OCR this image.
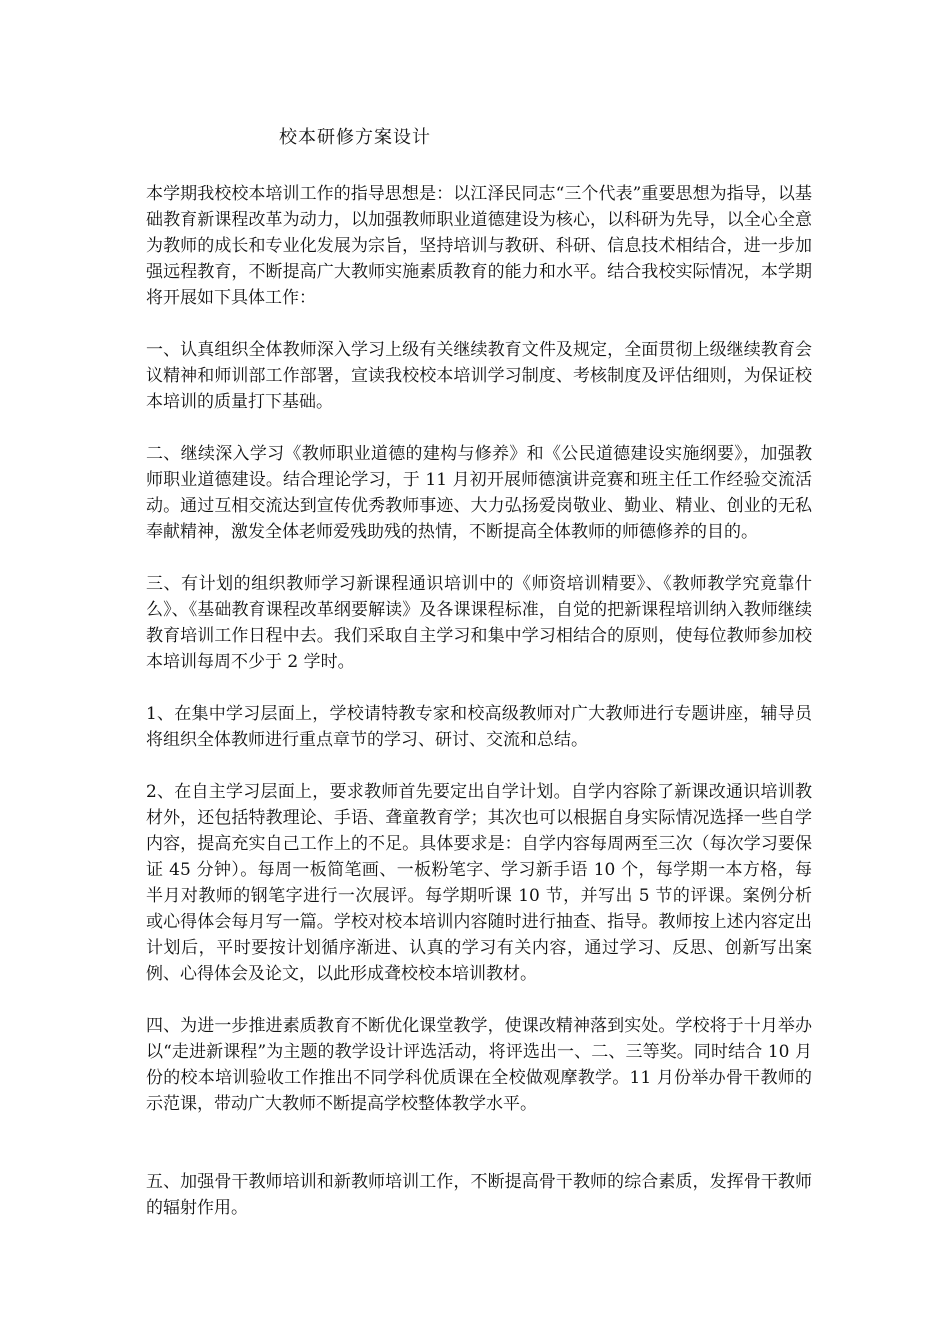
校本研修方案设计

本学期我校校本培训工作的指导思想是：以江泽民同志“三个代表”重要思想为指导，以基础教育新课程改革为动力，以加强教师职业道德建设为核心，以科研为先导，以全心全意为教师的成长和专业化发展为宗旨，坚持培训与教研、科研、信息技术相结合，进一步加强远程教育，不断提高广大教师实施素质教育的能力和水平。结合我校实际情况，本学期将开展如下具体工作：

一、认真组织全体教师深入学习上级有关继续教育文件及规定，全面贯彻上级继续教育会议精神和师训部工作部署，宣读我校校本培训学习制度、考核制度及评估细则，为保证校本培训的质量打下基础。

二、继续深入学习《教师职业道德的建构与修养》和《公民道德建设实施纲要》，加强教师职业道德建设。结合理论学习，于 11 月初开展师德演讲竞赛和班主任工作经验交流活动。通过互相交流达到宣传优秀教师事迹、大力弘扬爱岗敬业、勤业、精业、创业的无私奉献精神，激发全体老师爱残助残的热情，不断提高全体教师的师德修养的目的。

三、有计划的组织教师学习新课程通识培训中的《师资培训精要》、《教师教学究竟靠什么》、《基础教育课程改革纲要解读》及各课课程标准，自觉的把新课程培训纳入教师继续教育培训工作日程中去。我们采取自主学习和集中学习相结合的原则，使每位教师参加校本培训每周不少于 2 学时。

1、在集中学习层面上，学校请特教专家和校高级教师对广大教师进行专题讲座，辅导员将组织全体教师进行重点章节的学习、研讨、交流和总结。

2、在自主学习层面上，要求教师首先要定出自学计划。自学内容除了新课改通识培训教材外，还包括特教理论、手语、聋童教育学；其次也可以根据自身实际情况选择一些自学内容，提高充实自己工作上的不足。具体要求是：自学内容每周两至三次（每次学习要保证 45 分钟）。每周一板简笔画、一板粉笔字、学习新手语 10 个，每学期一本方格，每半月对教师的钢笔字进行一次展评。每学期听课 10 节，并写出 5 节的评课。案例分析或心得体会每月写一篇。学校对校本培训内容随时进行抽查、指导。教师按上述内容定出计划后，平时要按计划循序渐进、认真的学习有关内容，通过学习、反思、创新写出案例、心得体会及论文，以此形成聋校校本培训教材。

四、为进一步推进素质教育不断优化课堂教学，使课改精神落到实处。学校将于十月举办以“走进新课程”为主题的教学设计评选活动，将评选出一、二、三等奖。同时结合 10 月份的校本培训验收工作推出不同学科优质课在全校做观摩教学。11 月份举办骨干教师的示范课，带动广大教师不断提高学校整体教学水平。

五、加强骨干教师培训和新教师培训工作，不断提高骨干教师的综合素质，发挥骨干教师的辐射作用。
